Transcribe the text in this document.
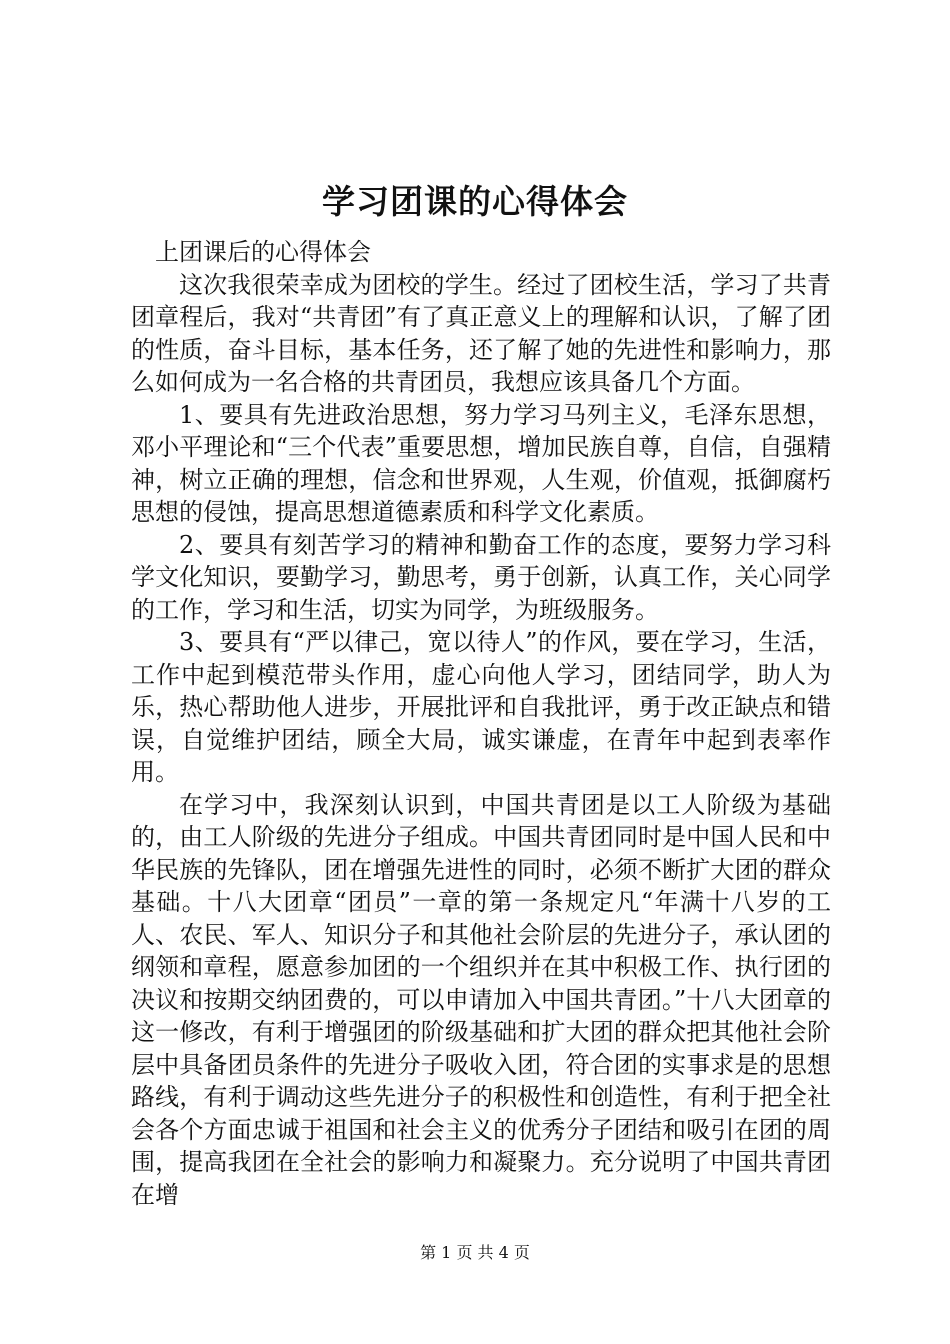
学习团课的心得体会

上团课后的心得体会

这次我很荣幸成为团校的学生。经过了团校生活，学习了共青团章程后，我对“共青团”有了真正意义上的理解和认识，了解了团的性质，奋斗目标，基本任务，还了解了她的先进性和影响力，那么如何成为一名合格的共青团员，我想应该具备几个方面。

1、要具有先进政治思想，努力学习马列主义，毛泽东思想，邓小平理论和“三个代表”重要思想，增加民族自尊，自信，自强精神，树立正确的理想，信念和世界观，人生观，价值观，抵御腐朽思想的侵蚀，提高思想道德素质和科学文化素质。

2、要具有刻苦学习的精神和勤奋工作的态度，要努力学习科学文化知识，要勤学习，勤思考，勇于创新，认真工作，关心同学的工作，学习和生活，切实为同学，为班级服务。

3、要具有“严以律己，宽以待人”的作风，要在学习，生活，工作中起到模范带头作用，虚心向他人学习，团结同学，助人为乐，热心帮助他人进步，开展批评和自我批评，勇于改正缺点和错误，自觉维护团结，顾全大局，诚实谦虚，在青年中起到表率作用。

在学习中，我深刻认识到，中国共青团是以工人阶级为基础的，由工人阶级的先进分子组成。中国共青团同时是中国人民和中华民族的先锋队，团在增强先进性的同时，必须不断扩大团的群众基础。十八大团章“团员”一章的第一条规定凡“年满十八岁的工人、农民、军人、知识分子和其他社会阶层的先进分子，承认团的纲领和章程，愿意参加团的一个组织并在其中积极工作、执行团的决议和按期交纳团费的，可以申请加入中国共青团。”十八大团章的这一修改，有利于增强团的阶级基础和扩大团的群众把其他社会阶层中具备团员条件的先进分子吸收入团，符合团的实事求是的思想路线，有利于调动这些先进分子的积极性和创造性，有利于把全社会各个方面忠诚于祖国和社会主义的优秀分子团结和吸引在团的周围，提高我团在全社会的影响力和凝聚力。充分说明了中国共青团在增

第 1 页 共 4 页
